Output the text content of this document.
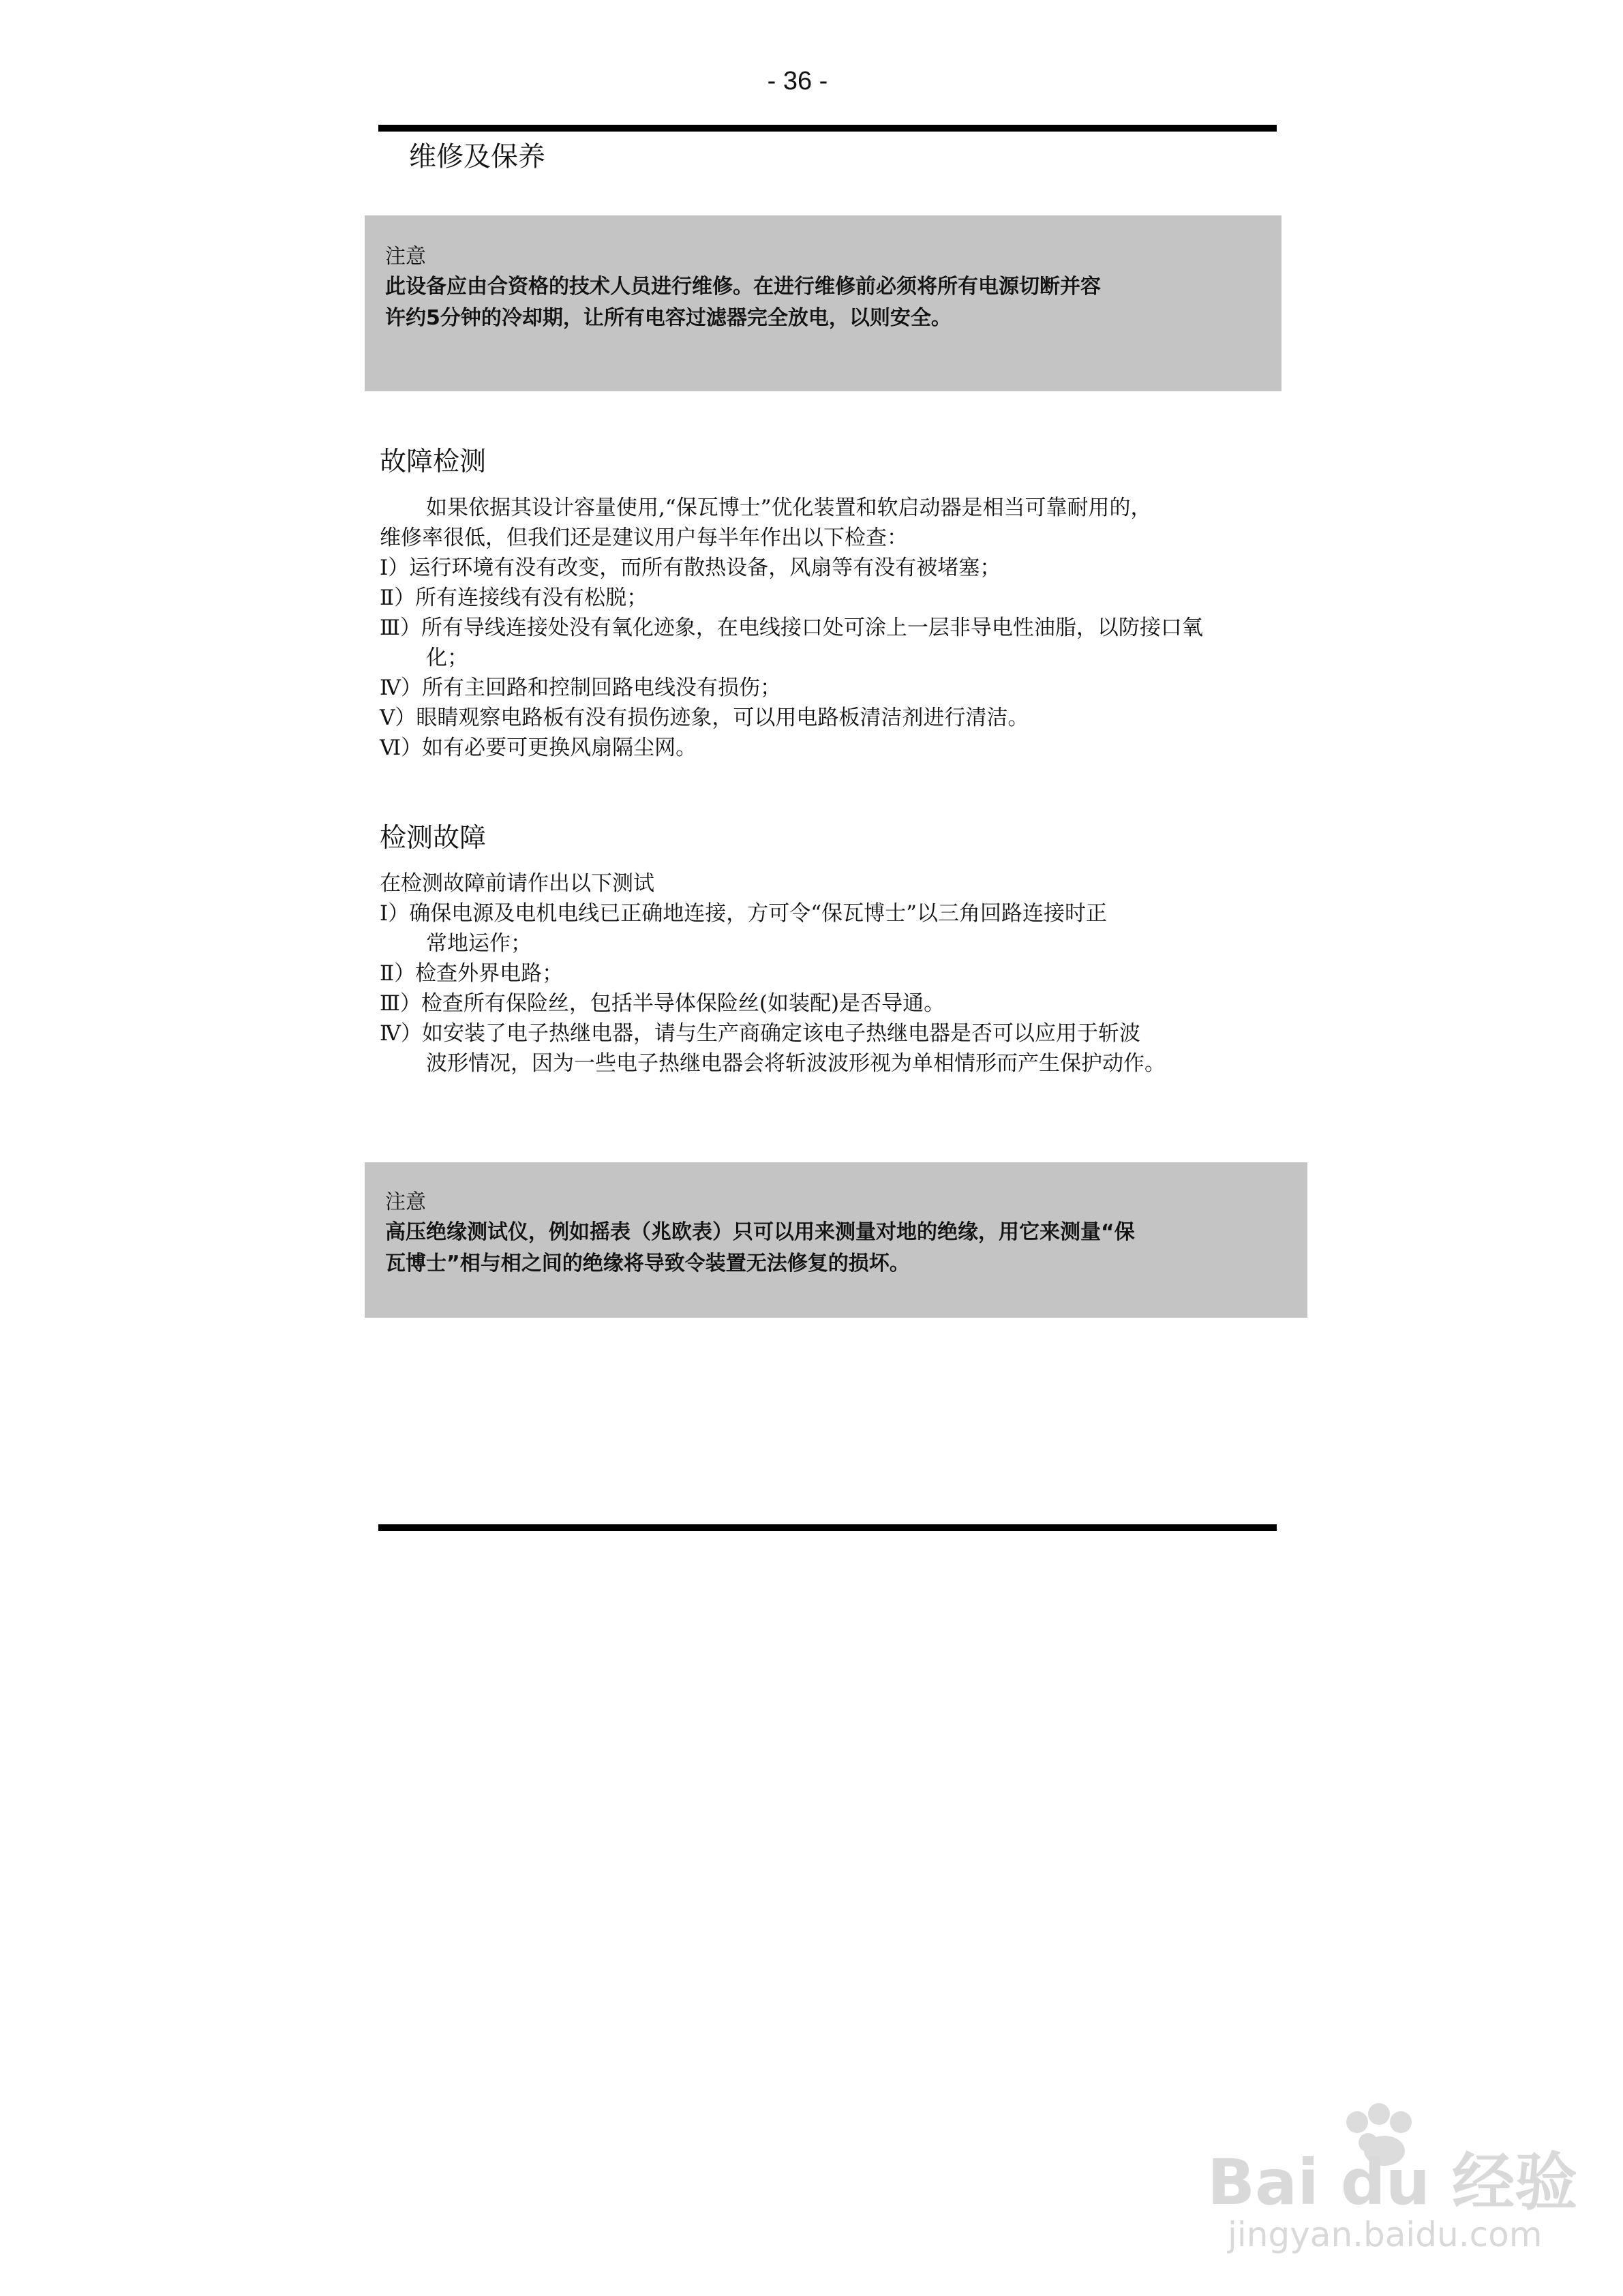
- 36 -
维修及保养
注意
此设备应由合资格的技术人员进行维修。在进行维修前必须将所有电源切断并容
许约5分钟的冷却期，让所有电容过滤器完全放电，以则安全。
故障检测
如果依据其设计容量使用,“保瓦博士”优化装置和软启动器是相当可靠耐用的，
维修率很低，但我们还是建议用户每半年作出以下检查：
Ⅰ）运行环境有没有改变，而所有散热设备，风扇等有没有被堵塞；
Ⅱ）所有连接线有没有松脱；
Ⅲ）所有导线连接处没有氧化迹象，在电线接口处可涂上一层非导电性油脂，以防接口氧
化；
Ⅳ）所有主回路和控制回路电线没有损伤；
Ⅴ）眼睛观察电路板有没有损伤迹象，可以用电路板清洁剂进行清洁。
Ⅵ）如有必要可更换风扇隔尘网。
检测故障
在检测故障前请作出以下测试
Ⅰ）确保电源及电机电线已正确地连接，方可令“保瓦博士”以三角回路连接时正
常地运作；
Ⅱ）检查外界电路；
Ⅲ）检查所有保险丝，包括半导体保险丝(如装配)是否导通。
Ⅳ）如安装了电子热继电器，请与生产商确定该电子热继电器是否可以应用于斩波
波形情况，因为一些电子热继电器会将斩波波形视为单相情形而产生保护动作。
注意
高压绝缘测试仪，例如摇表（兆欧表）只可以用来测量对地的绝缘，用它来测量“保
瓦博士”相与相之间的绝缘将导致令装置无法修复的损坏。
Bai du 经验
jingyan.baidu.com
